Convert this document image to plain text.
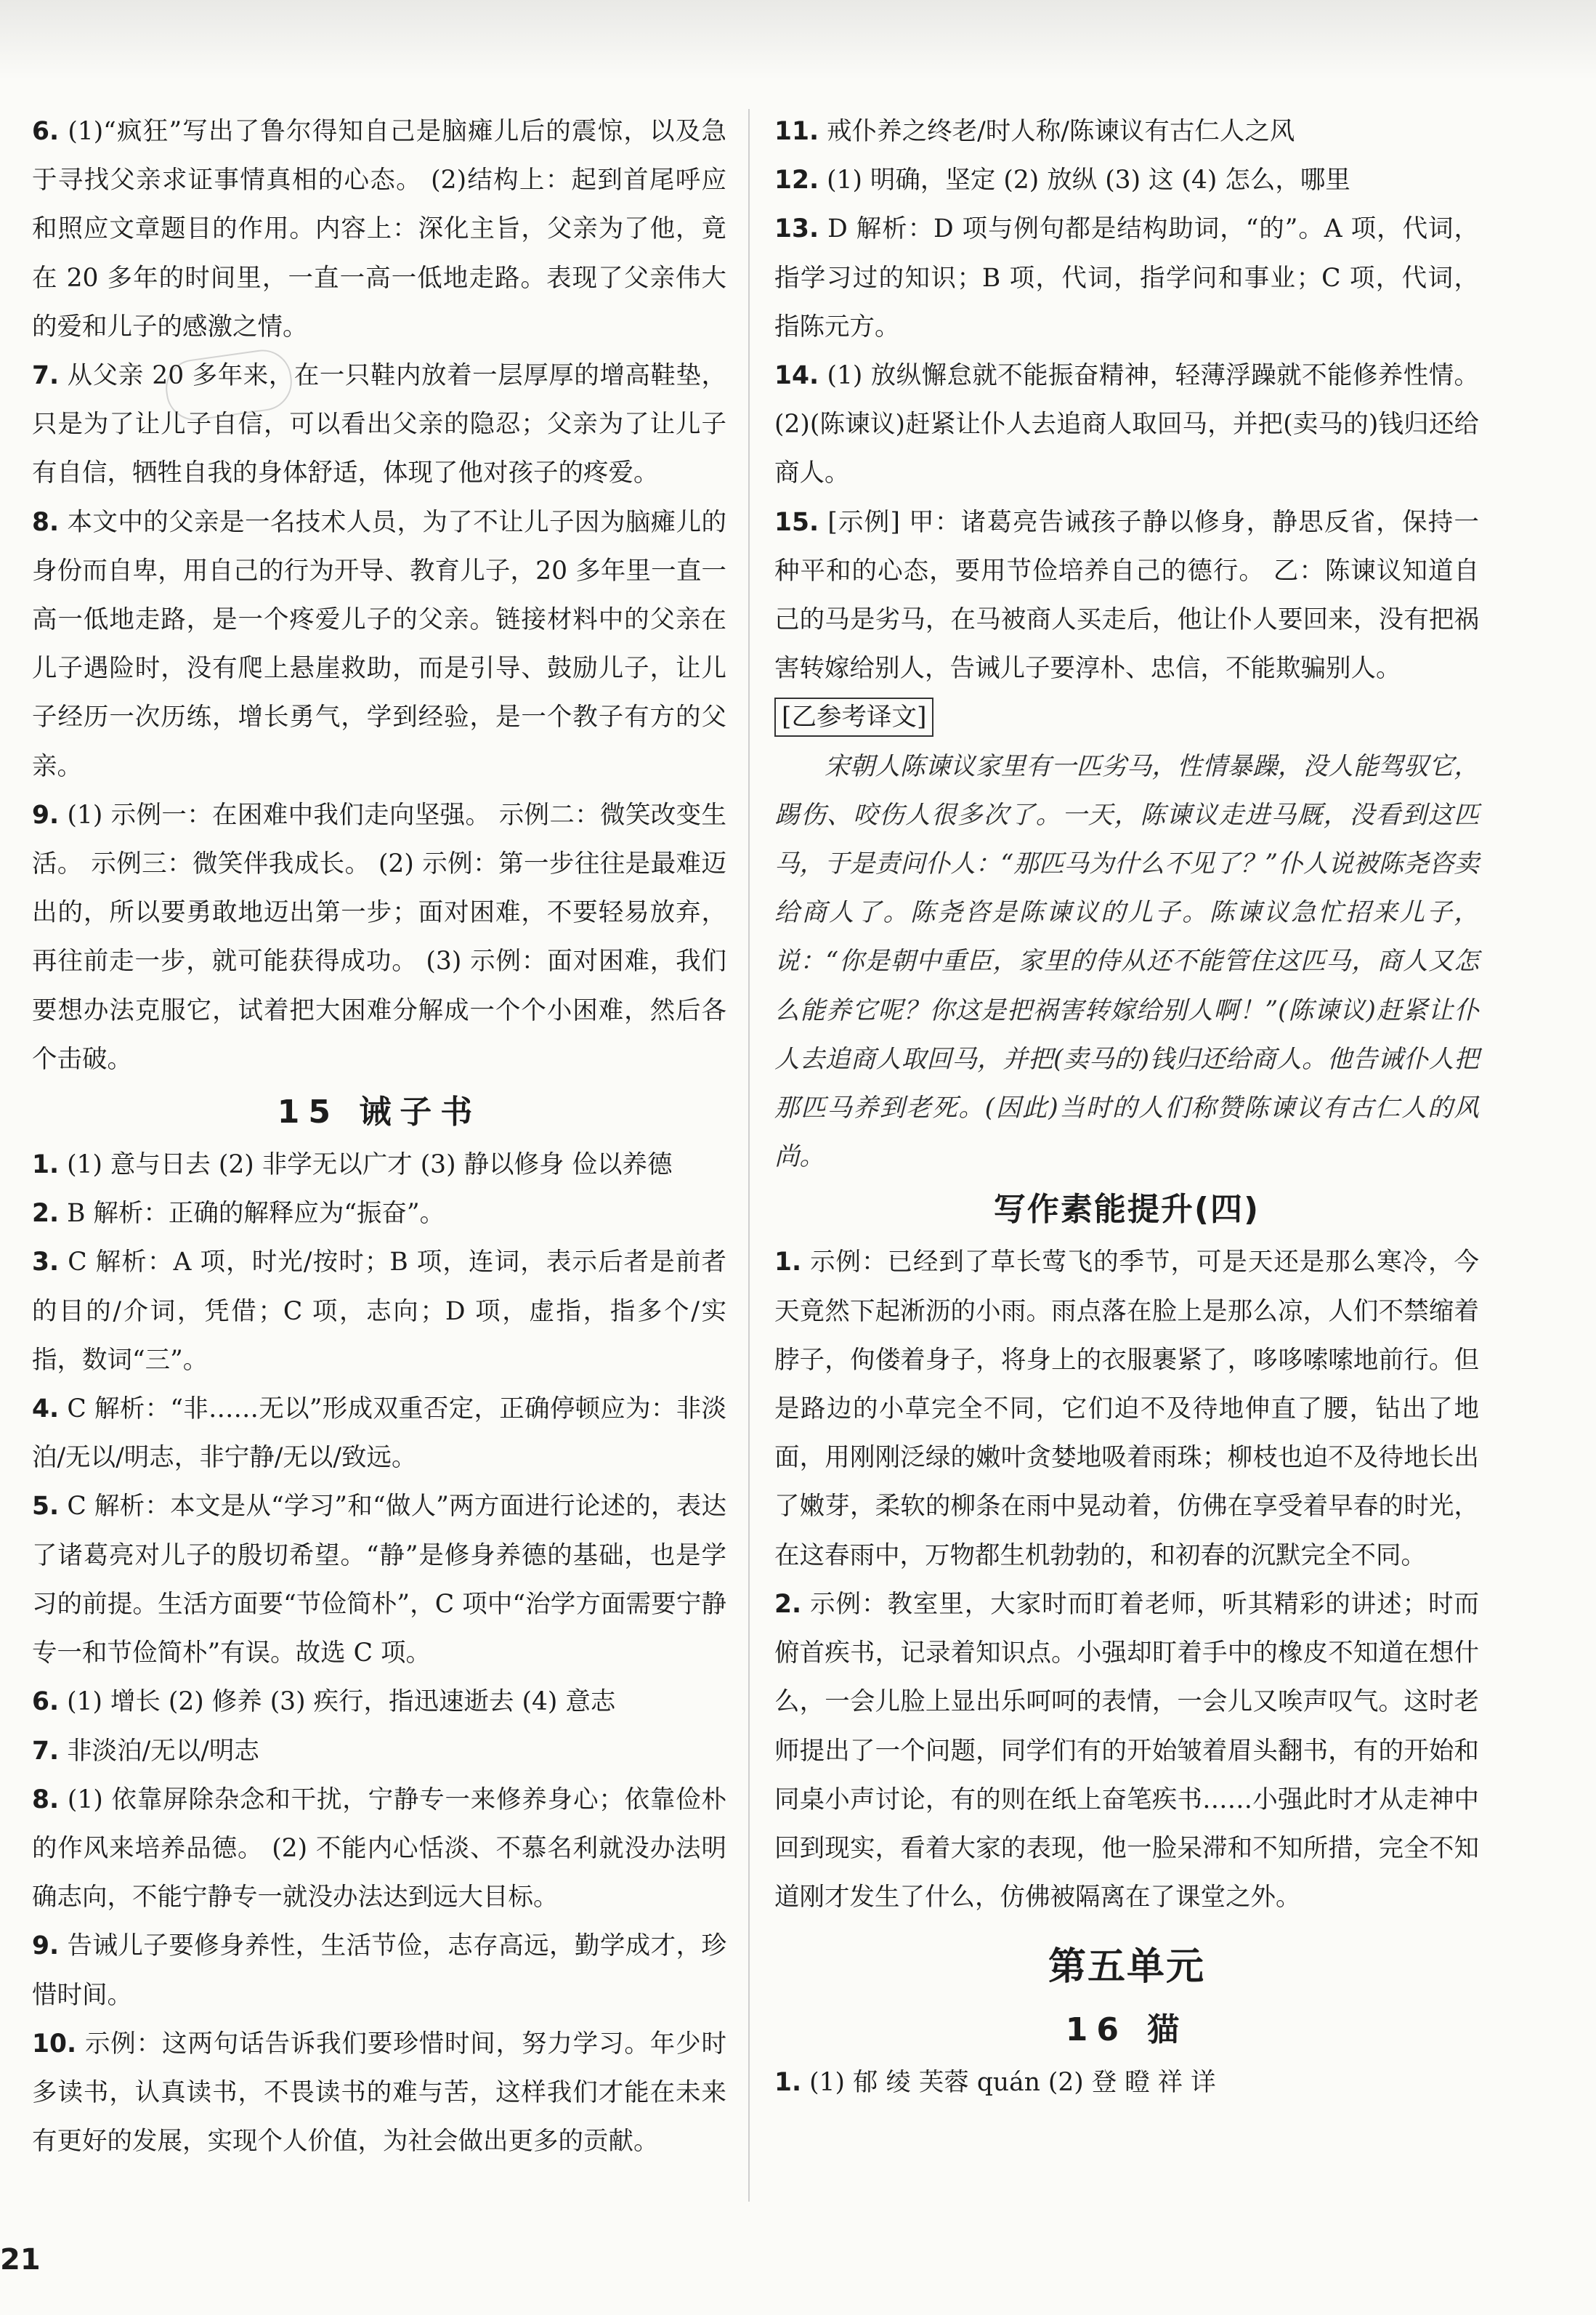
6. (1)“疯狂”写出了鲁尔得知自己是脑瘫儿后的震惊，以及急于寻找父亲求证事情真相的心态。 (2)结构上：起到首尾呼应和照应文章题目的作用。内容上：深化主旨，父亲为了他，竟在 20 多年的时间里，一直一高一低地走路。表现了父亲伟大的爱和儿子的感激之情。

7. 从父亲 20 多年来，在一只鞋内放着一层厚厚的增高鞋垫，只是为了让儿子自信，可以看出父亲的隐忍；父亲为了让儿子有自信，牺牲自我的身体舒适，体现了他对孩子的疼爱。

8. 本文中的父亲是一名技术人员，为了不让儿子因为脑瘫儿的身份而自卑，用自己的行为开导、教育儿子，20 多年里一直一高一低地走路，是一个疼爱儿子的父亲。链接材料中的父亲在儿子遇险时，没有爬上悬崖救助，而是引导、鼓励儿子，让儿子经历一次历练，增长勇气，学到经验，是一个教子有方的父亲。

9. (1) 示例一：在困难中我们走向坚强。 示例二：微笑改变生活。 示例三：微笑伴我成长。 (2) 示例：第一步往往是最难迈出的，所以要勇敢地迈出第一步；面对困难，不要轻易放弃，再往前走一步，就可能获得成功。 (3) 示例：面对困难，我们要想办法克服它，试着把大困难分解成一个个小困难，然后各个击破。

15 诫子书

1. (1) 意与日去 (2) 非学无以广才 (3) 静以修身 俭以养德

2. B 解析：正确的解释应为“振奋”。

3. C 解析：A 项，时光/按时；B 项，连词，表示后者是前者的目的/介词，凭借；C 项，志向；D 项，虚指，指多个/实指，数词“三”。

4. C 解析：“非……无以”形成双重否定，正确停顿应为：非淡泊/无以/明志，非宁静/无以/致远。

5. C 解析：本文是从“学习”和“做人”两方面进行论述的，表达了诸葛亮对儿子的殷切希望。“静”是修身养德的基础，也是学习的前提。生活方面要“节俭简朴”，C 项中“治学方面需要宁静专一和节俭简朴”有误。故选 C 项。

6. (1) 增长 (2) 修养 (3) 疾行，指迅速逝去 (4) 意志

7. 非淡泊/无以/明志

8. (1) 依靠屏除杂念和干扰，宁静专一来修养身心；依靠俭朴的作风来培养品德。 (2) 不能内心恬淡、不慕名利就没办法明确志向，不能宁静专一就没办法达到远大目标。

9. 告诫儿子要修身养性，生活节俭，志存高远，勤学成才，珍惜时间。

10. 示例：这两句话告诉我们要珍惜时间，努力学习。年少时多读书，认真读书，不畏读书的难与苦，这样我们才能在未来有更好的发展，实现个人价值，为社会做出更多的贡献。

11. 戒仆养之终老/时人称/陈谏议有古仁人之风

12. (1) 明确，坚定 (2) 放纵 (3) 这 (4) 怎么，哪里

13. D 解析：D 项与例句都是结构助词，“的”。A 项，代词，指学习过的知识；B 项，代词，指学问和事业；C 项，代词，指陈元方。

14. (1) 放纵懈怠就不能振奋精神，轻薄浮躁就不能修养性情。 (2)(陈谏议)赶紧让仆人去追商人取回马，并把(卖马的)钱归还给商人。

15. [示例] 甲：诸葛亮告诫孩子静以修身，静思反省，保持一种平和的心态，要用节俭培养自己的德行。 乙：陈谏议知道自己的马是劣马，在马被商人买走后，他让仆人要回来，没有把祸害转嫁给别人，告诫儿子要淳朴、忠信，不能欺骗别人。

[乙参考译文]

宋朝人陈谏议家里有一匹劣马，性情暴躁，没人能驾驭它，踢伤、咬伤人很多次了。一天，陈谏议走进马厩，没看到这匹马，于是责问仆人：“那匹马为什么不见了？”仆人说被陈尧咨卖给商人了。陈尧咨是陈谏议的儿子。陈谏议急忙招来儿子，说：“你是朝中重臣，家里的侍从还不能管住这匹马，商人又怎么能养它呢？你这是把祸害转嫁给别人啊！”(陈谏议)赶紧让仆人去追商人取回马，并把(卖马的)钱归还给商人。他告诫仆人把那匹马养到老死。(因此)当时的人们称赞陈谏议有古仁人的风尚。

写作素能提升(四)

1. 示例：已经到了草长莺飞的季节，可是天还是那么寒冷，今天竟然下起淅沥的小雨。雨点落在脸上是那么凉，人们不禁缩着脖子，佝偻着身子，将身上的衣服裹紧了，哆哆嗦嗦地前行。但是路边的小草完全不同，它们迫不及待地伸直了腰，钻出了地面，用刚刚泛绿的嫩叶贪婪地吸着雨珠；柳枝也迫不及待地长出了嫩芽，柔软的柳条在雨中晃动着，仿佛在享受着早春的时光，在这春雨中，万物都生机勃勃的，和初春的沉默完全不同。

2. 示例：教室里，大家时而盯着老师，听其精彩的讲述；时而俯首疾书，记录着知识点。小强却盯着手中的橡皮不知道在想什么，一会儿脸上显出乐呵呵的表情，一会儿又唉声叹气。这时老师提出了一个问题，同学们有的开始皱着眉头翻书，有的开始和同桌小声讨论，有的则在纸上奋笔疾书……小强此时才从走神中回到现实，看着大家的表现，他一脸呆滞和不知所措，完全不知道刚才发生了什么，仿佛被隔离在了课堂之外。

第五单元

16 猫

1. (1) 郁 绫 芙蓉 quán (2) 登 瞪 祥 详

21
